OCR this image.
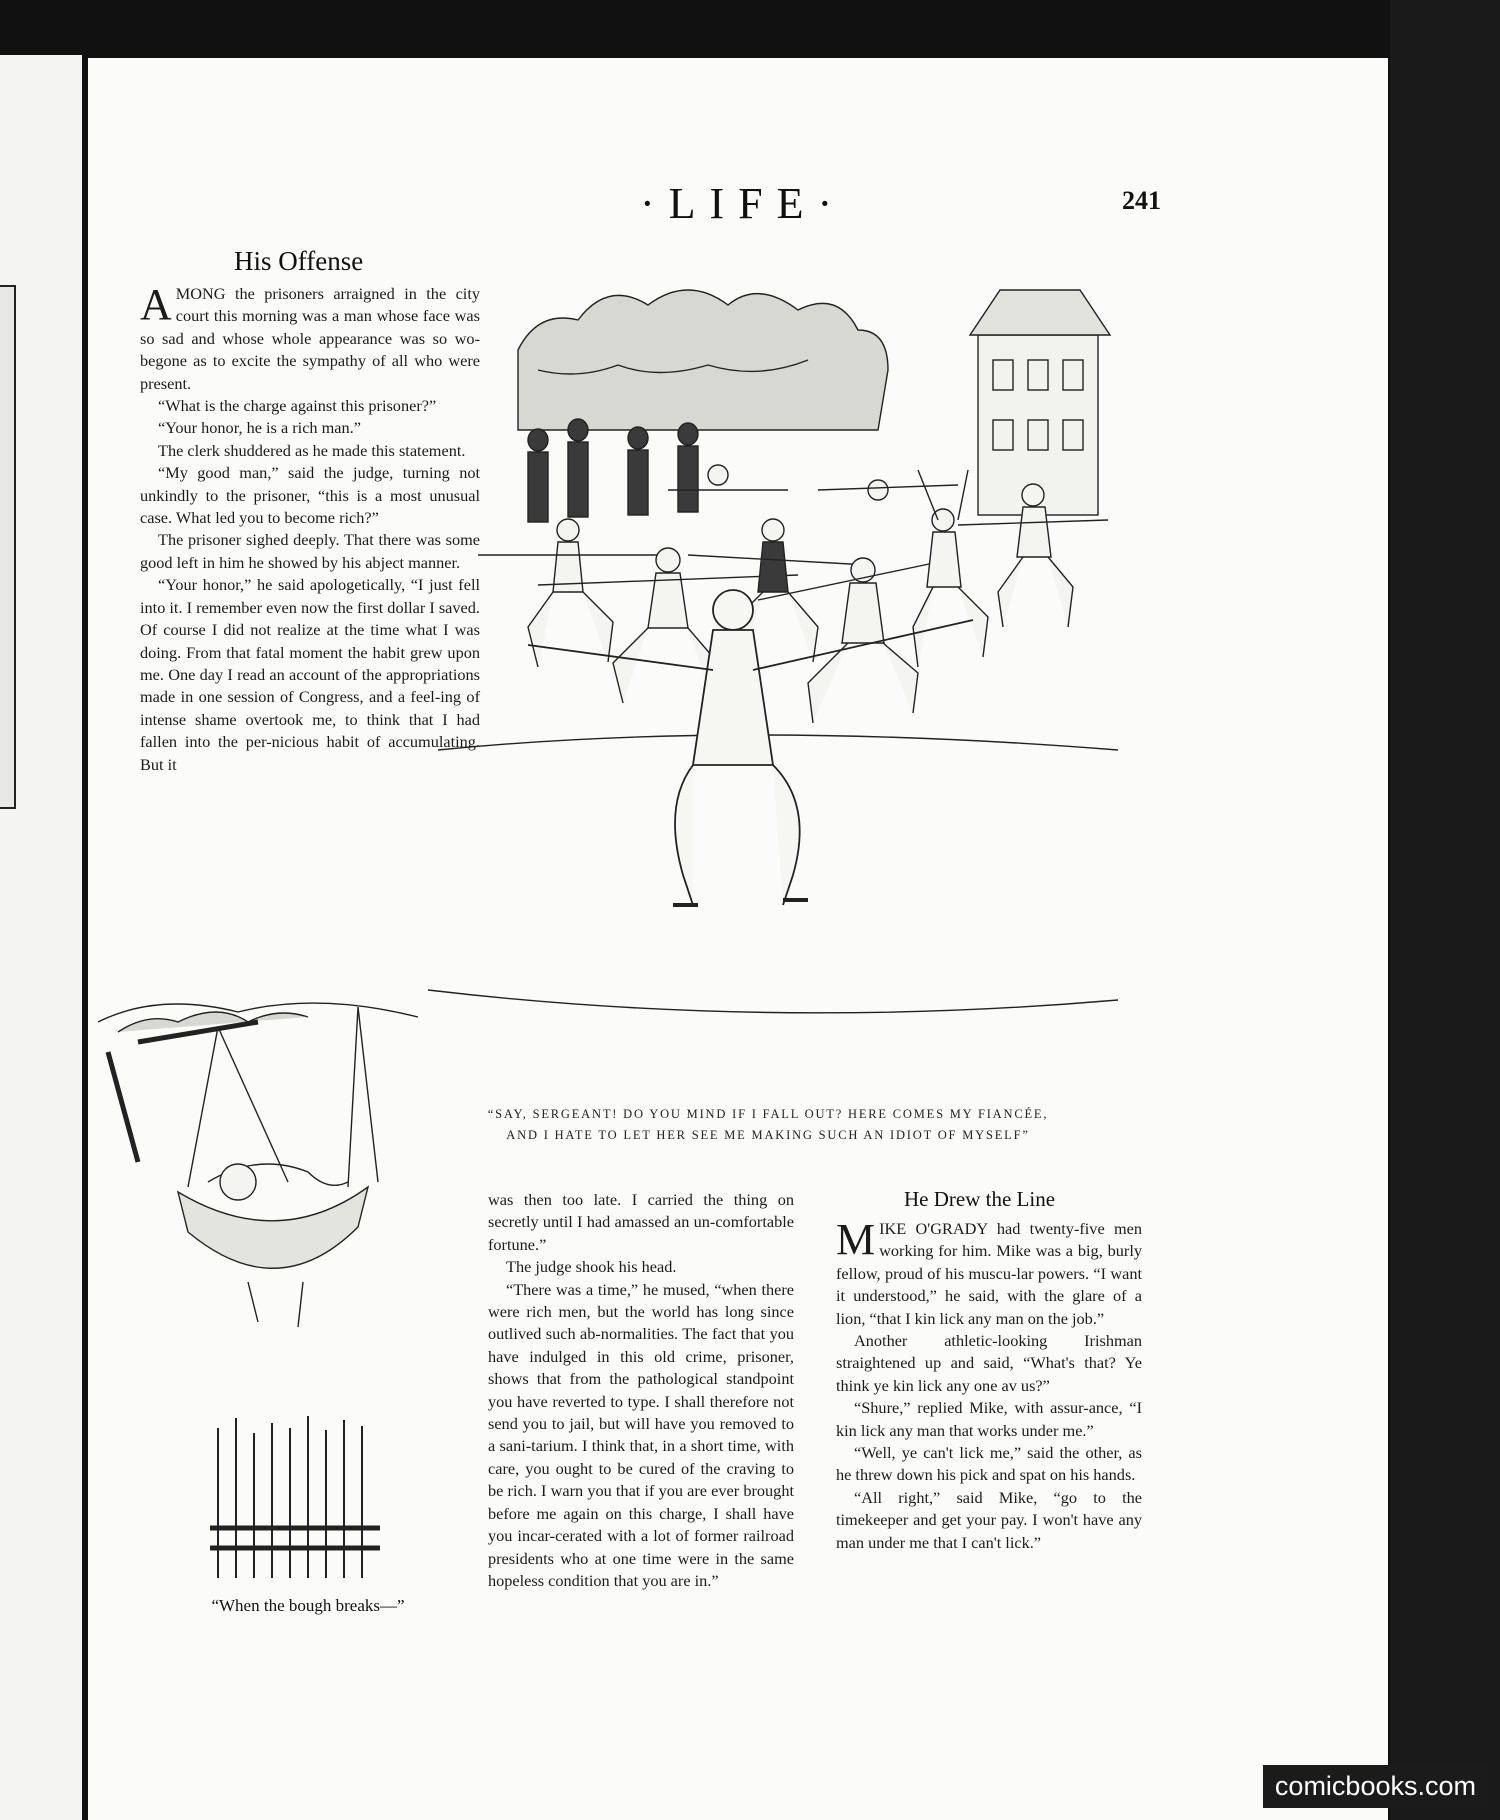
·LIFE·	241
His Offense

AMONG the prisoners arraigned in the city court this morning was a man whose face was so sad and whose whole appearance was so wo-begone as to excite the sympathy of all who were present.

“What is the charge against this prisoner?”

“Your honor, he is a rich man.”

The clerk shuddered as he made this statement.

“My good man,” said the judge, turning not unkindly to the prisoner, “this is a most unusual case. What led you to become rich?”

The prisoner sighed deeply. That there was some good left in him he showed by his abject manner.

“Your honor,” he said apologetically, “I just fell into it. I remember even now the first dollar I saved. Of course I did not realize at the time what I was doing. From that fatal moment the habit grew upon me. One day I read an account of the appropriations made in one session of Congress, and a feel-ing of intense shame overtook me, to think that I had fallen into the per-nicious habit of accumulating. But it

“SAY, SERGEANT! DO YOU MIND IF I FALL OUT? HERE COMES MY FIANCÉE,
AND I HATE TO LET HER SEE ME MAKING SUCH AN IDIOT OF MYSELF”
“When the bough breaks—”

was then too late. I carried the thing on secretly until I had amassed an un-comfortable fortune.”

The judge shook his head.

“There was a time,” he mused, “when there were rich men, but the world has long since outlived such ab-normalities. The fact that you have indulged in this old crime, prisoner, shows that from the pathological standpoint you have reverted to type. I shall therefore not send you to jail, but will have you removed to a sani-tarium. I think that, in a short time, with care, you ought to be cured of the craving to be rich. I warn you that if you are ever brought before me again on this charge, I shall have you incar-cerated with a lot of former railroad presidents who at one time were in the same hopeless condition that you are in.”

He Drew the Line

MIKE O'GRADY had twenty-five men working for him. Mike was a big, burly fellow, proud of his muscu-lar powers. “I want it understood,” he said, with the glare of a lion, “that I kin lick any man on the job.”

Another athletic-looking Irishman straightened up and said, “What's that? Ye think ye kin lick any one av us?”

“Shure,” replied Mike, with assur-ance, “I kin lick any man that works under me.”

“Well, ye can't lick me,” said the other, as he threw down his pick and spat on his hands.

“All right,” said Mike, “go to the timekeeper and get your pay. I won't have any man under me that I can't lick.”

comicbooks.com
